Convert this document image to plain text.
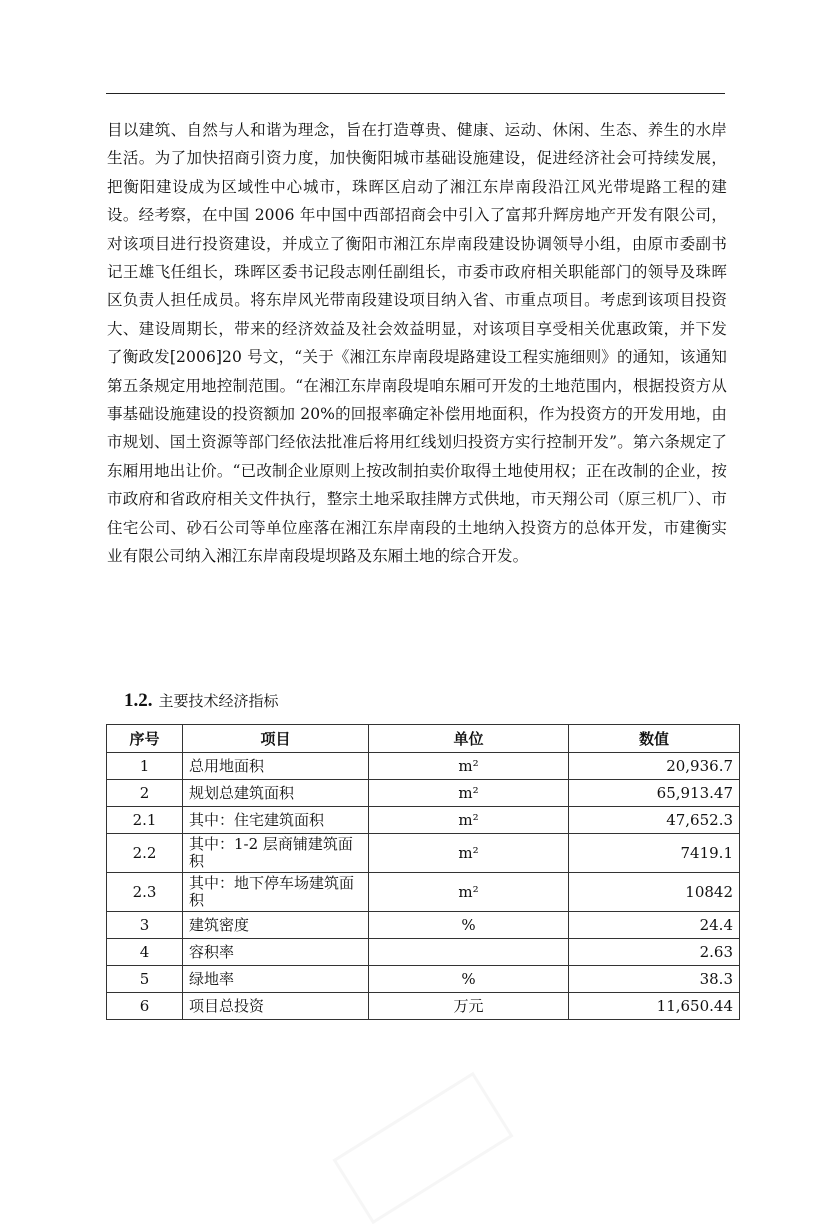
目以建筑、自然与人和谐为理念，旨在打造尊贵、健康、运动、休闲、生态、养生的水岸生活。为了加快招商引资力度，加快衡阳城市基础设施建设，促进经济社会可持续发展，把衡阳建设成为区域性中心城市，珠晖区启动了湘江东岸南段沿江风光带堤路工程的建设。经考察，在中国 2006 年中国中西部招商会中引入了富邦升辉房地产开发有限公司，对该项目进行投资建设，并成立了衡阳市湘江东岸南段建设协调领导小组，由原市委副书记王雄飞任组长，珠晖区委书记段志刚任副组长，市委市政府相关职能部门的领导及珠晖区负责人担任成员。将东岸风光带南段建设项目纳入省、市重点项目。考虑到该项目投资大、建设周期长，带来的经济效益及社会效益明显，对该项目享受相关优惠政策，并下发了衡政发[2006]20 号文，“关于《湘江东岸南段堤路建设工程实施细则》的通知，该通知第五条规定用地控制范围。“在湘江东岸南段堤咱东厢可开发的土地范围内，根据投资方从事基础设施建设的投资额加 20%的回报率确定补偿用地面积，作为投资方的开发用地，由市规划、国土资源等部门经依法批准后将用红线划归投资方实行控制开发”。第六条规定了东厢用地出让价。“已改制企业原则上按改制拍卖价取得土地使用权；正在改制的企业，按市政府和省政府相关文件执行，整宗土地采取挂牌方式供地，市天翔公司（原三机厂）、市住宅公司、砂石公司等单位座落在湘江东岸南段的土地纳入投资方的总体开发，市建衡实业有限公司纳入湘江东岸南段堤坝路及东厢土地的综合开发。
1.2. 主要技术经济指标
序号	项目	单位	数值
1	总用地面积	m²	20,936.7
2	规划总建筑面积	m²	65,913.47
2.1	其中：住宅建筑面积	m²	47,652.3
2.2	其中：1-2 层商铺建筑面积	m²	7419.1
2.3	其中：地下停车场建筑面积	m²	10842
3	建筑密度	%	24.4
4	容积率		2.63
5	绿地率	%	38.3
6	项目总投资	万元	11,650.44
